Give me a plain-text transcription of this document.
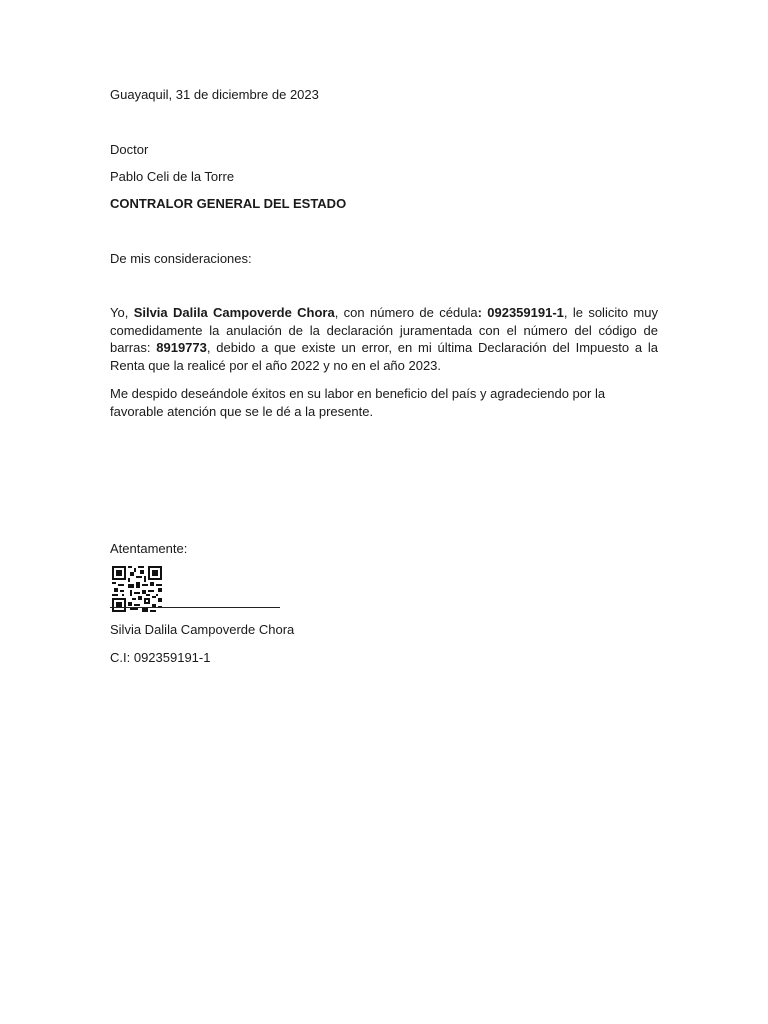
Guayaquil, 31 de diciembre de 2023
Doctor
Pablo Celi de la Torre
CONTRALOR GENERAL DEL ESTADO
De mis consideraciones:
Yo, Silvia Dalila Campoverde Chora, con número de cédula: 092359191-1, le solicito muy comedidamente la anulación de la declaración juramentada con el número del código de barras: 8919773, debido a que existe un error, en mi última Declaración del Impuesto a la Renta que la realicé por el año 2022 y no en el año 2023.
Me despido deseándole éxitos en su labor en beneficio del país y agradeciendo por la favorable atención que se le dé a la presente.
Atentamente:
Silvia Dalila Campoverde Chora
C.I: 092359191-1
